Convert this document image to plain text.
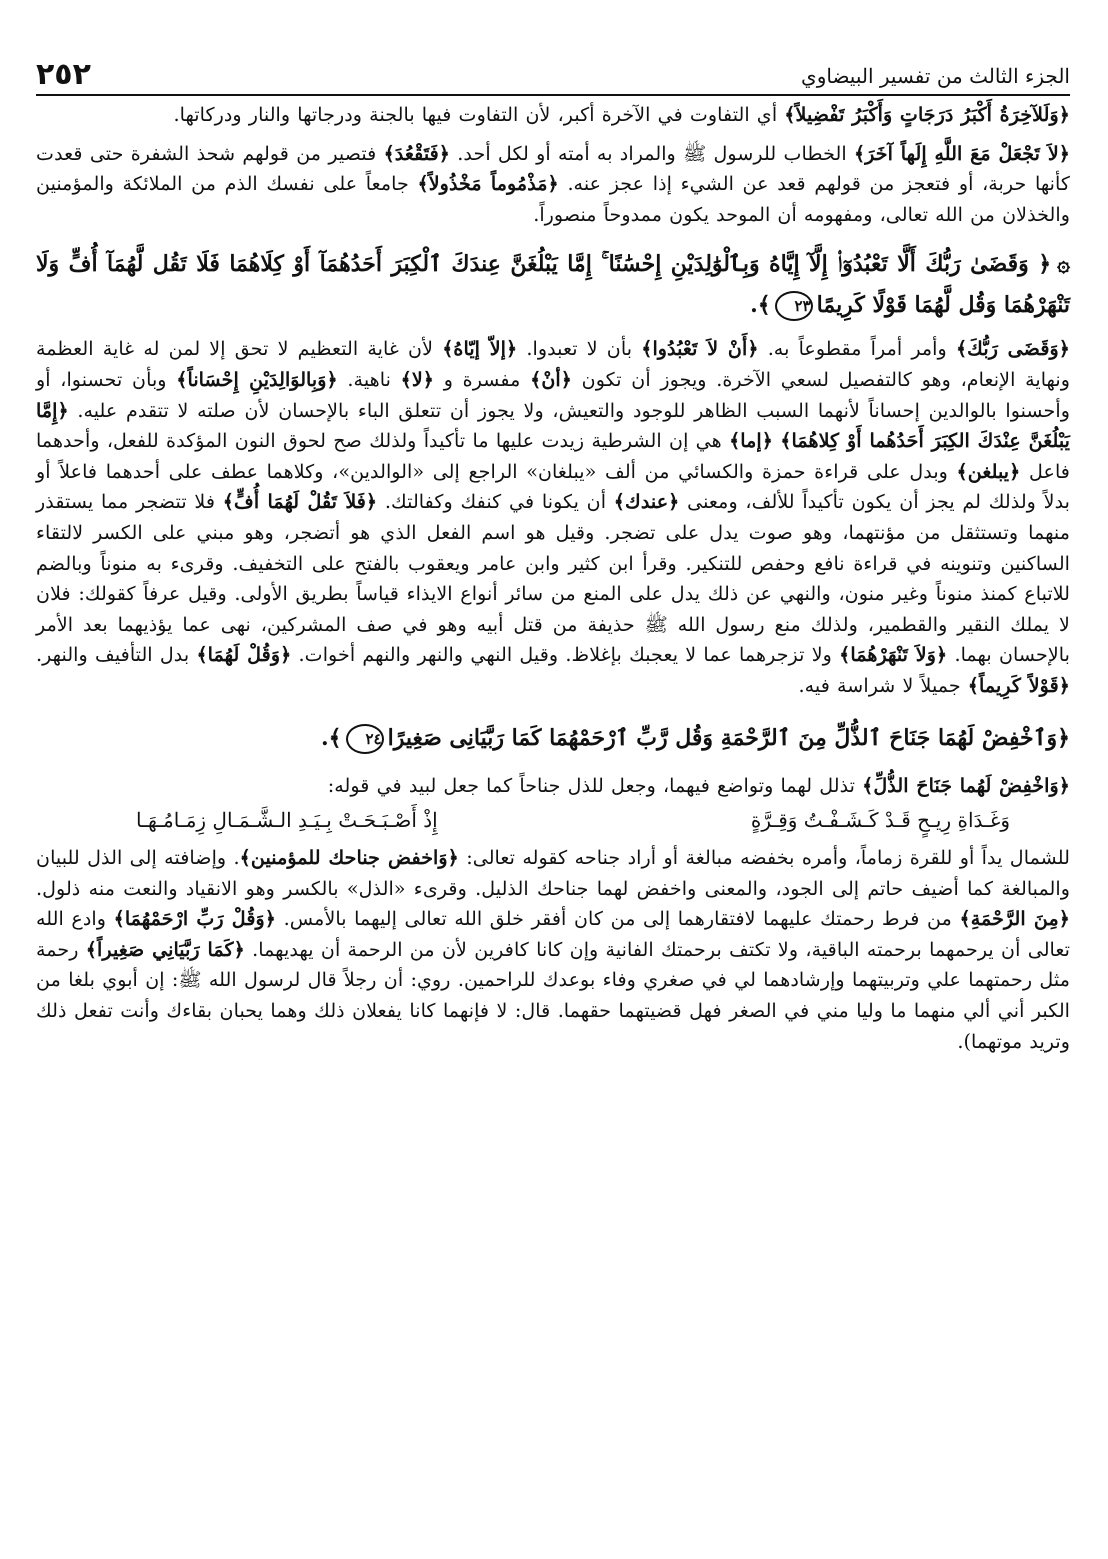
الجزء الثالث من تفسير البيضاوي
٢٥٢

﴿وَلَلآخِرَةُ أَكْبَرُ دَرَجَاتٍ وَأَكْبَرُ تَفْضِيلاً﴾ أي التفاوت في الآخرة أكبر، لأن التفاوت فيها بالجنة ودرجاتها والنار ودركاتها.

﴿لاَ تَجْعَلْ مَعَ اللَّهِ إِلَهاً آخَرَ﴾ الخطاب للرسول ﷺ والمراد به أمته أو لكل أحد. ﴿فَتَقْعُدَ﴾ فتصير من قولهم شحذ الشفرة حتى قعدت كأنها حربة، أو فتعجز من قولهم قعد عن الشيء إذا عجز عنه. ﴿مَذْمُوماً مَخْذُولاً﴾ جامعاً على نفسك الذم من الملائكة والمؤمنين والخذلان من الله تعالى، ومفهومه أن الموحد يكون ممدوحاً منصوراً.

۞﴿ وَقَضَىٰ رَبُّكَ أَلَّا تَعْبُدُوٓا۟ إِلَّآ إِيَّاهُ وَبِٱلْوَٰلِدَيْنِ إِحْسَٰنًا ۚ إِمَّا يَبْلُغَنَّ عِندَكَ ٱلْكِبَرَ أَحَدُهُمَآ أَوْ كِلَاهُمَا فَلَا تَقُل لَّهُمَآ أُفٍّ وَلَا تَنْهَرْهُمَا وَقُل لَّهُمَا قَوْلًا كَرِيمًا٢٣﴾.

﴿وَقَضَى رَبُّكَ﴾ وأمر أمراً مقطوعاً به. ﴿أَنْ لاَ تَعْبُدُوا﴾ بأن لا تعبدوا. ﴿إلاّ إيّاهُ﴾ لأن غاية التعظيم لا تحق إلا لمن له غاية العظمة ونهاية الإنعام، وهو كالتفصيل لسعي الآخرة. ويجوز أن تكون ﴿أنْ﴾ مفسرة و ﴿لا﴾ ناهية. ﴿وَبِالوَالِدَيْنِ إِحْسَاناً﴾ وبأن تحسنوا، أو وأحسنوا بالوالدين إحساناً لأنهما السبب الظاهر للوجود والتعيش، ولا يجوز أن تتعلق الباء بالإحسان لأن صلته لا تتقدم عليه. ﴿إِمَّا يَبْلُغَنَّ عِنْدَكَ الكِبَرَ أَحَدُهُما أَوْ كِلاهُمَا﴾ ﴿إما﴾ هي إن الشرطية زيدت عليها ما تأكيداً ولذلك صح لحوق النون المؤكدة للفعل، وأحدهما فاعل ﴿يبلغن﴾ وبدل على قراءة حمزة والكسائي من ألف «يبلغان» الراجع إلى «الوالدين»، وكلاهما عطف على أحدهما فاعلاً أو بدلاً ولذلك لم يجز أن يكون تأكيداً للألف، ومعنى ﴿عندك﴾ أن يكونا في كنفك وكفالتك. ﴿فَلاَ تَقُلْ لَهُمَا أُفٍّ﴾ فلا تتضجر مما يستقذر منهما وتستثقل من مؤنتهما، وهو صوت يدل على تضجر. وقيل هو اسم الفعل الذي هو أتضجر، وهو مبني على الكسر لالتقاء الساكنين وتنوينه في قراءة نافع وحفص للتنكير. وقرأ ابن كثير وابن عامر ويعقوب بالفتح على التخفيف. وقرىء به منوناً وبالضم للاتباع كمنذ منوناً وغير منون، والنهي عن ذلك يدل على المنع من سائر أنواع الايذاء قياساً بطريق الأولى. وقيل عرفاً كقولك: فلان لا يملك النقير والقطمير، ولذلك منع رسول الله ﷺ حذيفة من قتل أبيه وهو في صف المشركين، نهى عما يؤذيهما بعد الأمر بالإحسان بهما. ﴿وَلاَ تَنْهَرْهُمَا﴾ ولا تزجرهما عما لا يعجبك بإغلاظ. وقيل النهي والنهر والنهم أخوات. ﴿وَقُلْ لَهُمَا﴾ بدل التأفيف والنهر. ﴿قَوْلاً كَرِيماً﴾ جميلاً لا شراسة فيه.

﴿وَٱخْفِضْ لَهُمَا جَنَاحَ ٱلذُّلِّ مِنَ ٱلرَّحْمَةِ وَقُل رَّبِّ ٱرْحَمْهُمَا كَمَا رَبَّيَانِى صَغِيرًا٢٤﴾.

﴿وَاخْفِضْ لَهُما جَنَاحَ الذُّلِّ﴾ تذلل لهما وتواضع فيهما، وجعل للذل جناحاً كما جعل لبيد في قوله:

وَغَـدَاةِ رِيـحٍ قَـدْ كَـشَـفْـتُ وَقِـرَّةٍ
إِذْ أَصْـبَـحَـتْ بِـيَـدِ الـشَّـمَـالِ زِمَـامُـهَـا

للشمال يداً أو للقرة زماماً، وأمره بخفضه مبالغة أو أراد جناحه كقوله تعالى: ﴿وَاخفض جناحك للمؤمنين﴾. وإضافته إلى الذل للبيان والمبالغة كما أضيف حاتم إلى الجود، والمعنى واخفض لهما جناحك الذليل. وقرىء «الذل» بالكسر وهو الانقياد والنعت منه ذلول. ﴿مِنَ الرَّحْمَةِ﴾ من فرط رحمتك عليهما لافتقارهما إلى من كان أفقر خلق الله تعالى إليهما بالأمس. ﴿وَقُلْ رَبِّ ارْحَمْهُمَا﴾ وادع الله تعالى أن يرحمهما برحمته الباقية، ولا تكتف برحمتك الفانية وإن كانا كافرين لأن من الرحمة أن يهديهما. ﴿كَمَا رَبَّيَانِي صَغِيراً﴾ رحمة مثل رحمتهما علي وتربيتهما وإرشادهما لي في صغري وفاء بوعدك للراحمين. روي: أن رجلاً قال لرسول الله ﷺ: إن أبوي بلغا من الكبر أني ألي منهما ما وليا مني في الصغر فهل قضيتهما حقهما. قال: لا فإنهما كانا يفعلان ذلك وهما يحبان بقاءك وأنت تفعل ذلك وتريد موتهما).
